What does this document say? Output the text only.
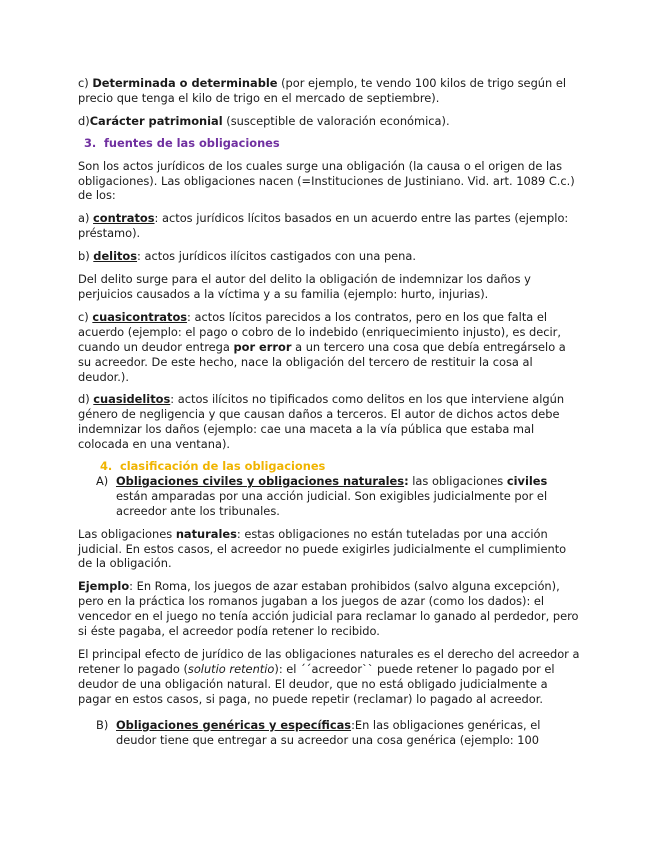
c) Determinada o determinable (por ejemplo, te vendo 100 kilos de trigo según el precio que tenga el kilo de trigo en el mercado de septiembre).

d)Carácter patrimonial (susceptible de valoración económica).

3. fuentes de las obligaciones

Son los actos jurídicos de los cuales surge una obligación (la causa o el origen de las obligaciones). Las obligaciones nacen (=Instituciones de Justiniano. Vid. art. 1089 C.c.) de los:

a) contratos: actos jurídicos lícitos basados en un acuerdo entre las partes (ejemplo: préstamo).

b) delitos: actos jurídicos ilícitos castigados con una pena.

Del delito surge para el autor del delito la obligación de indemnizar los daños y perjuicios causados a la víctima y a su familia (ejemplo: hurto, injurias).

c) cuasicontratos: actos lícitos parecidos a los contratos, pero en los que falta el acuerdo (ejemplo: el pago o cobro de lo indebido (enriquecimiento injusto), es decir, cuando un deudor entrega por error a un tercero una cosa que debía entregárselo a su acreedor. De este hecho, nace la obligación del tercero de restituir la cosa al deudor.).

d) cuasidelitos: actos ilícitos no tipificados como delitos en los que interviene algún género de negligencia y que causan daños a terceros. El autor de dichos actos debe indemnizar los daños (ejemplo: cae una maceta a la vía pública que estaba mal colocada en una ventana).

4. clasificación de las obligaciones

A) Obligaciones civiles y obligaciones naturales: las obligaciones civiles están amparadas por una acción judicial. Son exigibles judicialmente por el acreedor ante los tribunales.

Las obligaciones naturales: estas obligaciones no están tuteladas por una acción judicial. En estos casos, el acreedor no puede exigirles judicialmente el cumplimiento de la obligación.

Ejemplo: En Roma, los juegos de azar estaban prohibidos (salvo alguna excepción), pero en la práctica los romanos jugaban a los juegos de azar (como los dados): el vencedor en el juego no tenía acción judicial para reclamar lo ganado al perdedor, pero si éste pagaba, el acreedor podía retener lo recibido.

El principal efecto de jurídico de las obligaciones naturales es el derecho del acreedor a retener lo pagado (solutio retentio): el ´´acreedor`` puede retener lo pagado por el deudor de una obligación natural. El deudor, que no está obligado judicialmente a pagar en estos casos, si paga, no puede repetir (reclamar) lo pagado al acreedor.

B) Obligaciones genéricas y específicas:En las obligaciones genéricas, el deudor tiene que entregar a su acreedor una cosa genérica (ejemplo: 100
